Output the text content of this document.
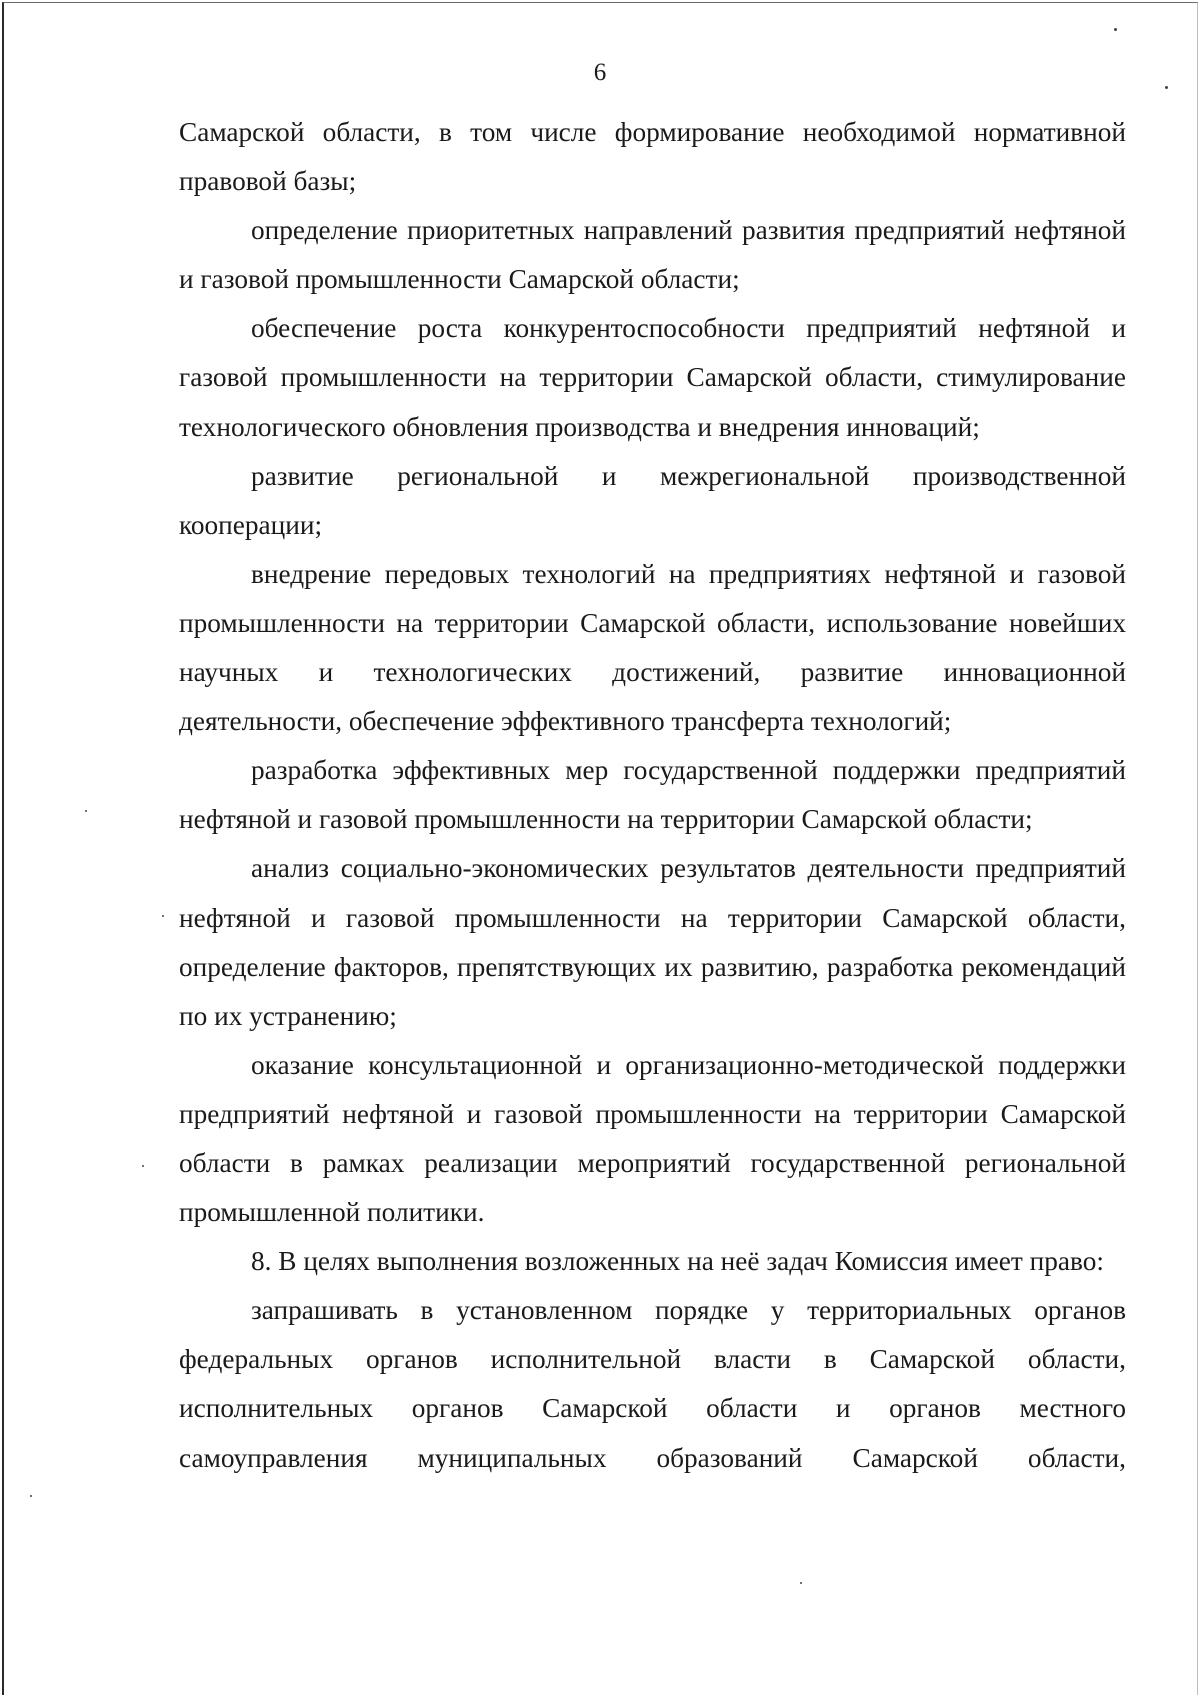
6

Самарской области, в том числе формирование необходимой нормативной правовой базы;

определение приоритетных направлений развития предприятий нефтяной и газовой промышленности Самарской области;

обеспечение роста конкурентоспособности предприятий нефтяной и газовой промышленности на территории Самарской области, стимулирование технологического обновления производства и внедрения инноваций;

развитие региональной и межрегиональной производственной кооперации;

внедрение передовых технологий на предприятиях нефтяной и газовой промышленности на территории Самарской области, использование новейших научных и технологических достижений, развитие инновационной деятельности, обеспечение эффективного трансферта технологий;

разработка эффективных мер государственной поддержки предприятий нефтяной и газовой промышленности на территории Самарской области;

анализ социально-экономических результатов деятельности предприятий нефтяной и газовой промышленности на территории Самарской области, определение факторов, препятствующих их развитию, разработка рекомендаций по их устранению;

оказание консультационной и организационно-методической поддержки предприятий нефтяной и газовой промышленности на территории Самарской области в рамках реализации мероприятий государственной региональной промышленной политики.

8. В целях выполнения возложенных на неё задач Комиссия имеет право:

запрашивать в установленном порядке у территориальных органов федеральных органов исполнительной власти в Самарской области, исполнительных органов Самарской области и органов местного самоуправления муниципальных образований Самарской области,
